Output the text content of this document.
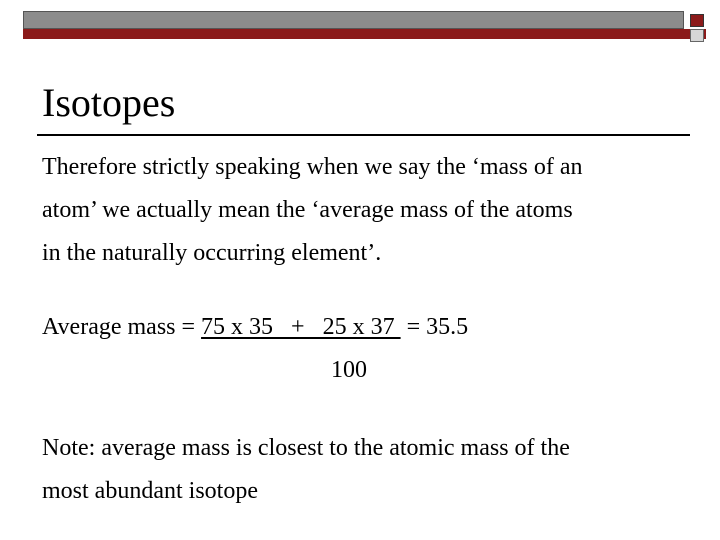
Isotopes
Therefore strictly speaking when we say the ‘mass of an
atom’ we actually mean the ‘average mass of the atoms
in the naturally occurring element’.
Average mass = 75 x 35   +   25 x 37  = 35.5
100
Note: average mass is closest to the atomic mass of the
most abundant isotope
